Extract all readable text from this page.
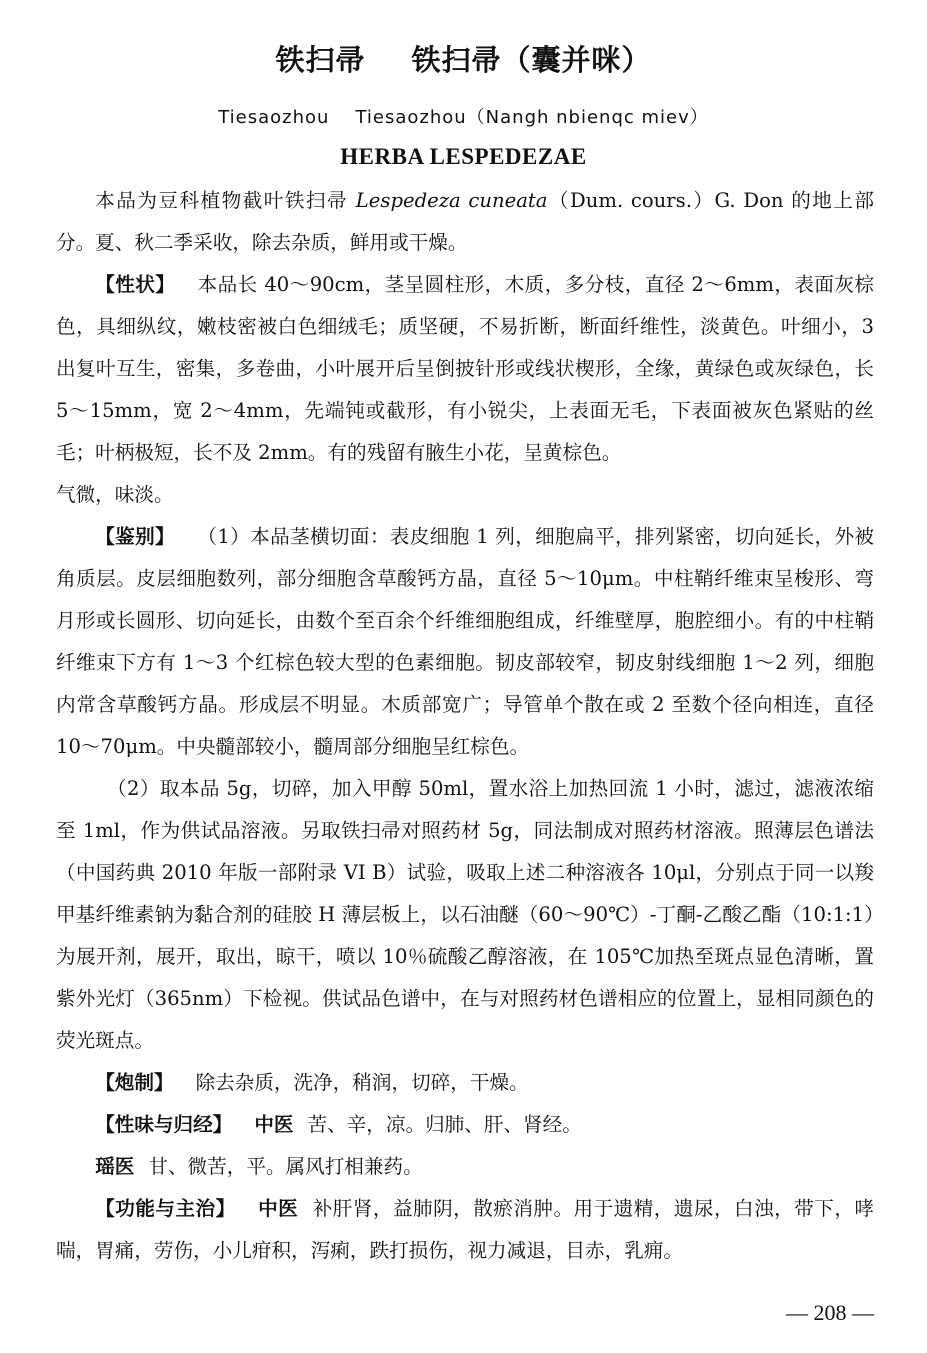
铁扫帚 铁扫帚（囊并咪）
Tiesaozhou Tiesaozhou（Nangh nbienqc miev）
HERBA LESPEDEZAE

本品为豆科植物截叶铁扫帚 Lespedeza cuneata（Dum. cours.）G. Don 的地上部分。夏、秋二季采收，除去杂质，鲜用或干燥。

【性状】 本品长 40～90cm，茎呈圆柱形，木质，多分枝，直径 2～6mm，表面灰棕色，具细纵纹，嫩枝密被白色细绒毛；质坚硬，不易折断，断面纤维性，淡黄色。叶细小，3 出复叶互生，密集，多卷曲，小叶展开后呈倒披针形或线状楔形，全缘，黄绿色或灰绿色，长 5～15mm，宽 2～4mm，先端钝或截形，有小锐尖，上表面无毛，下表面被灰色紧贴的丝毛；叶柄极短，长不及 2mm。有的残留有腋生小花，呈黄棕色。

气微，味淡。

【鉴别】 （1）本品茎横切面：表皮细胞 1 列，细胞扁平，排列紧密，切向延长，外被角质层。皮层细胞数列，部分细胞含草酸钙方晶，直径 5～10μm。中柱鞘纤维束呈梭形、弯月形或长圆形、切向延长，由数个至百余个纤维细胞组成，纤维壁厚，胞腔细小。有的中柱鞘纤维束下方有 1～3 个红棕色较大型的色素细胞。韧皮部较窄，韧皮射线细胞 1～2 列，细胞内常含草酸钙方晶。形成层不明显。木质部宽广；导管单个散在或 2 至数个径向相连，直径 10～70μm。中央髓部较小，髓周部分细胞呈红棕色。

（2）取本品 5g，切碎，加入甲醇 50ml，置水浴上加热回流 1 小时，滤过，滤液浓缩至 1ml，作为供试品溶液。另取铁扫帚对照药材 5g，同法制成对照药材溶液。照薄层色谱法（中国药典 2010 年版一部附录 VI B）试验，吸取上述二种溶液各 10μl，分别点于同一以羧甲基纤维素钠为黏合剂的硅胶 H 薄层板上，以石油醚（60～90℃）-丁酮-乙酸乙酯（10:1:1）为展开剂，展开，取出，晾干，喷以 10％硫酸乙醇溶液，在 105℃加热至斑点显色清晰，置紫外光灯（365nm）下检视。供试品色谱中，在与对照药材色谱相应的位置上，显相同颜色的荧光斑点。

【炮制】 除去杂质，洗净，稍润，切碎，干燥。

【性味与归经】 中医 苦、辛，凉。归肺、肝、肾经。

瑶医 甘、微苦，平。属风打相兼药。

【功能与主治】 中医 补肝肾，益肺阴，散瘀消肿。用于遗精，遗尿，白浊，带下，哮喘，胃痛，劳伤，小儿疳积，泻痢，跌打损伤，视力减退，目赤，乳痈。

— 208 —
